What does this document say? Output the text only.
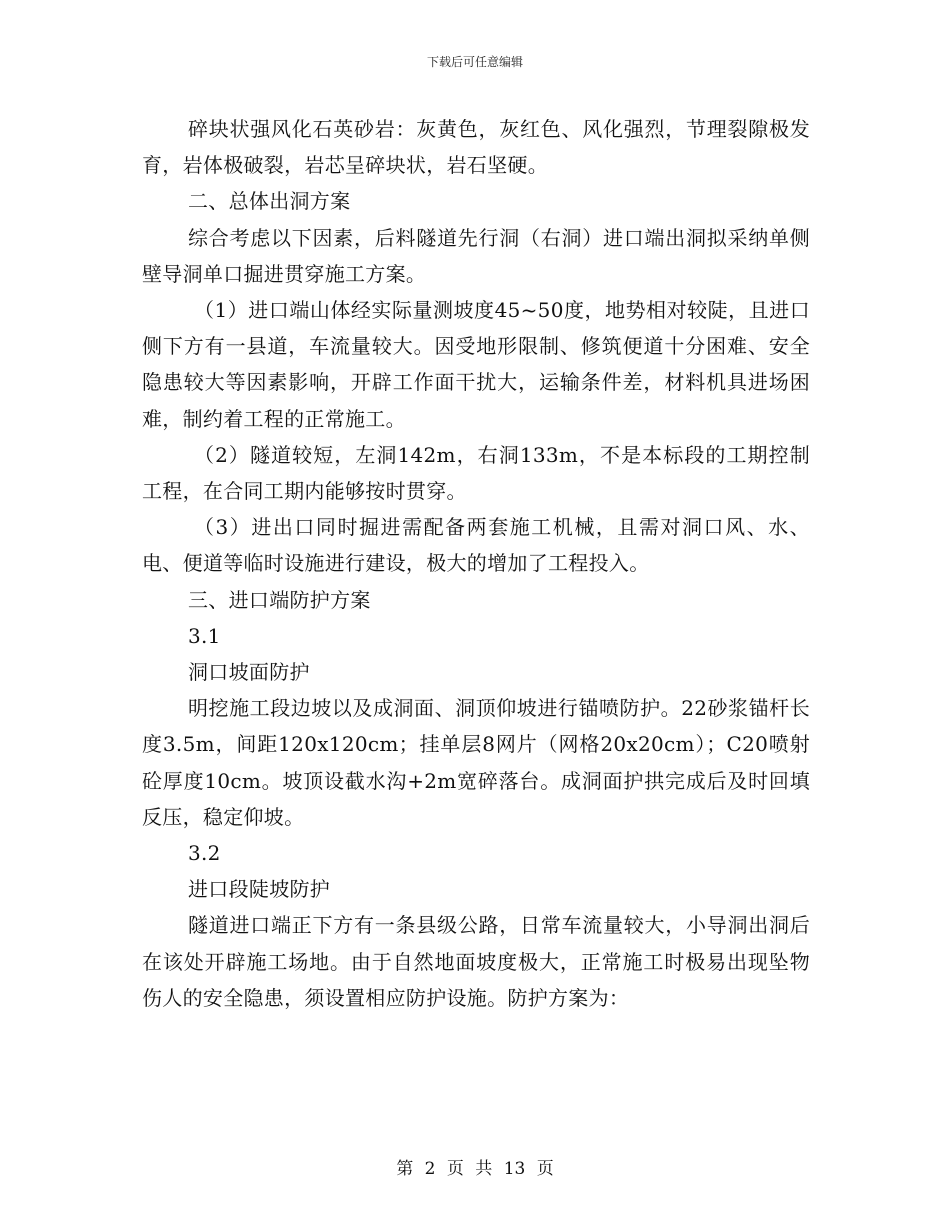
下载后可任意编辑

碎块状强风化石英砂岩：灰黄色，灰红色、风化强烈，节理裂隙极发育，岩体极破裂，岩芯呈碎块状，岩石坚硬。

二、总体出洞方案

综合考虑以下因素，后料隧道先行洞（右洞）进口端出洞拟采纳单侧壁导洞单口掘进贯穿施工方案。

（1）进口端山体经实际量测坡度45~50度，地势相对较陡，且进口侧下方有一县道，车流量较大。因受地形限制、修筑便道十分困难、安全隐患较大等因素影响，开辟工作面干扰大，运输条件差，材料机具进场困难，制约着工程的正常施工。

（2）隧道较短，左洞142m，右洞133m，不是本标段的工期控制工程，在合同工期内能够按时贯穿。

（3）进出口同时掘进需配备两套施工机械，且需对洞口风、水、电、便道等临时设施进行建设，极大的增加了工程投入。

三、进口端防护方案

3.1

洞口坡面防护

明挖施工段边坡以及成洞面、洞顶仰坡进行锚喷防护。22砂浆锚杆长度3.5m，间距120x120cm；挂单层8网片（网格20x20cm）；C20喷射砼厚度10cm。坡顶设截水沟+2m宽碎落台。成洞面护拱完成后及时回填反压，稳定仰坡。

3.2

进口段陡坡防护

隧道进口端正下方有一条县级公路，日常车流量较大，小导洞出洞后在该处开辟施工场地。由于自然地面坡度极大，正常施工时极易出现坠物伤人的安全隐患，须设置相应防护设施。防护方案为：

第 2 页 共 13 页
